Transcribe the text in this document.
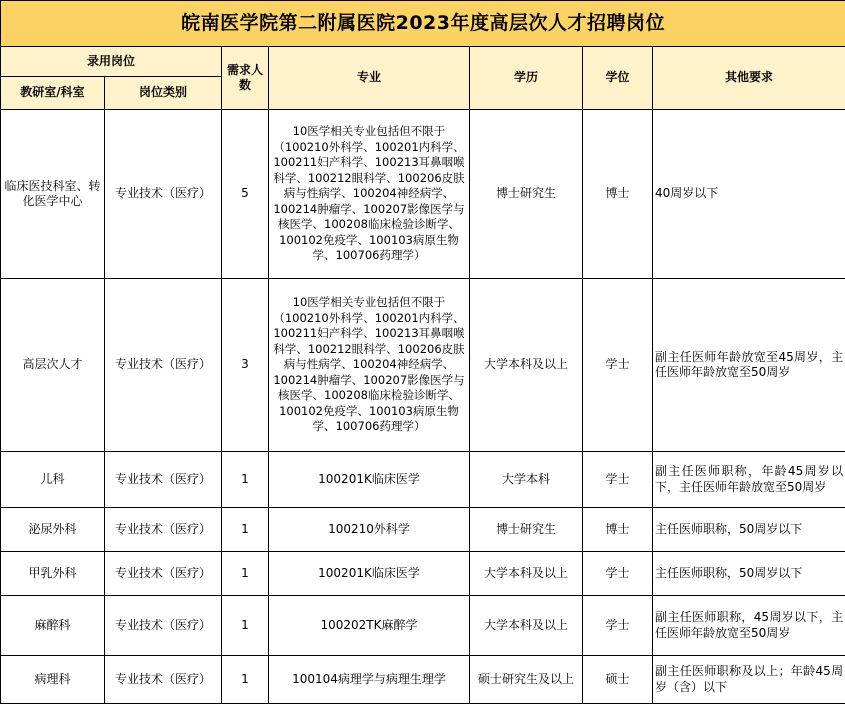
皖南医学院第二附属医院2023年度高层次人才招聘岗位						
录用岗位		需求人数	专业	学历	学位	其他要求
教研室/科室	岗位类别					
临床医技科室、转化医学中心	专业技术（医疗）	5	10医学相关专业包括但不限于（100210外科学、100201内科学、100211妇产科学、100213耳鼻咽喉科学、100212眼科学、100206皮肤病与性病学、100204神经病学、100214肿瘤学、100207影像医学与核医学、100208临床检验诊断学、100102免疫学、100103病原生物学、100706药理学）	博士研究生	博士	40周岁以下
高层次人才	专业技术（医疗）	3	10医学相关专业包括但不限于（100210外科学、100201内科学、100211妇产科学、100213耳鼻咽喉科学、100212眼科学、100206皮肤病与性病学、100204神经病学、100214肿瘤学、100207影像医学与核医学、100208临床检验诊断学、100102免疫学、100103病原生物学、100706药理学）	大学本科及以上	学士	副主任医师年龄放宽至45周岁，主任医师年龄放宽至50周岁
儿科	专业技术（医疗）	1	100201K临床医学	大学本科	学士	副主任医师职称，年龄45周岁以下，主任医师年龄放宽至50周岁
泌尿外科	专业技术（医疗）	1	100210外科学	博士研究生	博士	主任医师职称，50周岁以下
甲乳外科	专业技术（医疗）	1	100201K临床医学	大学本科及以上	学士	主任医师职称，50周岁以下
麻醉科	专业技术（医疗）	1	100202TK麻醉学	大学本科及以上	学士	副主任医师职称，45周岁以下，主任医师年龄放宽至50周岁
病理科	专业技术（医疗）	1	100104病理学与病理生理学	硕士研究生及以上	硕士	副主任医师职称及以上；年龄45周岁（含）以下
